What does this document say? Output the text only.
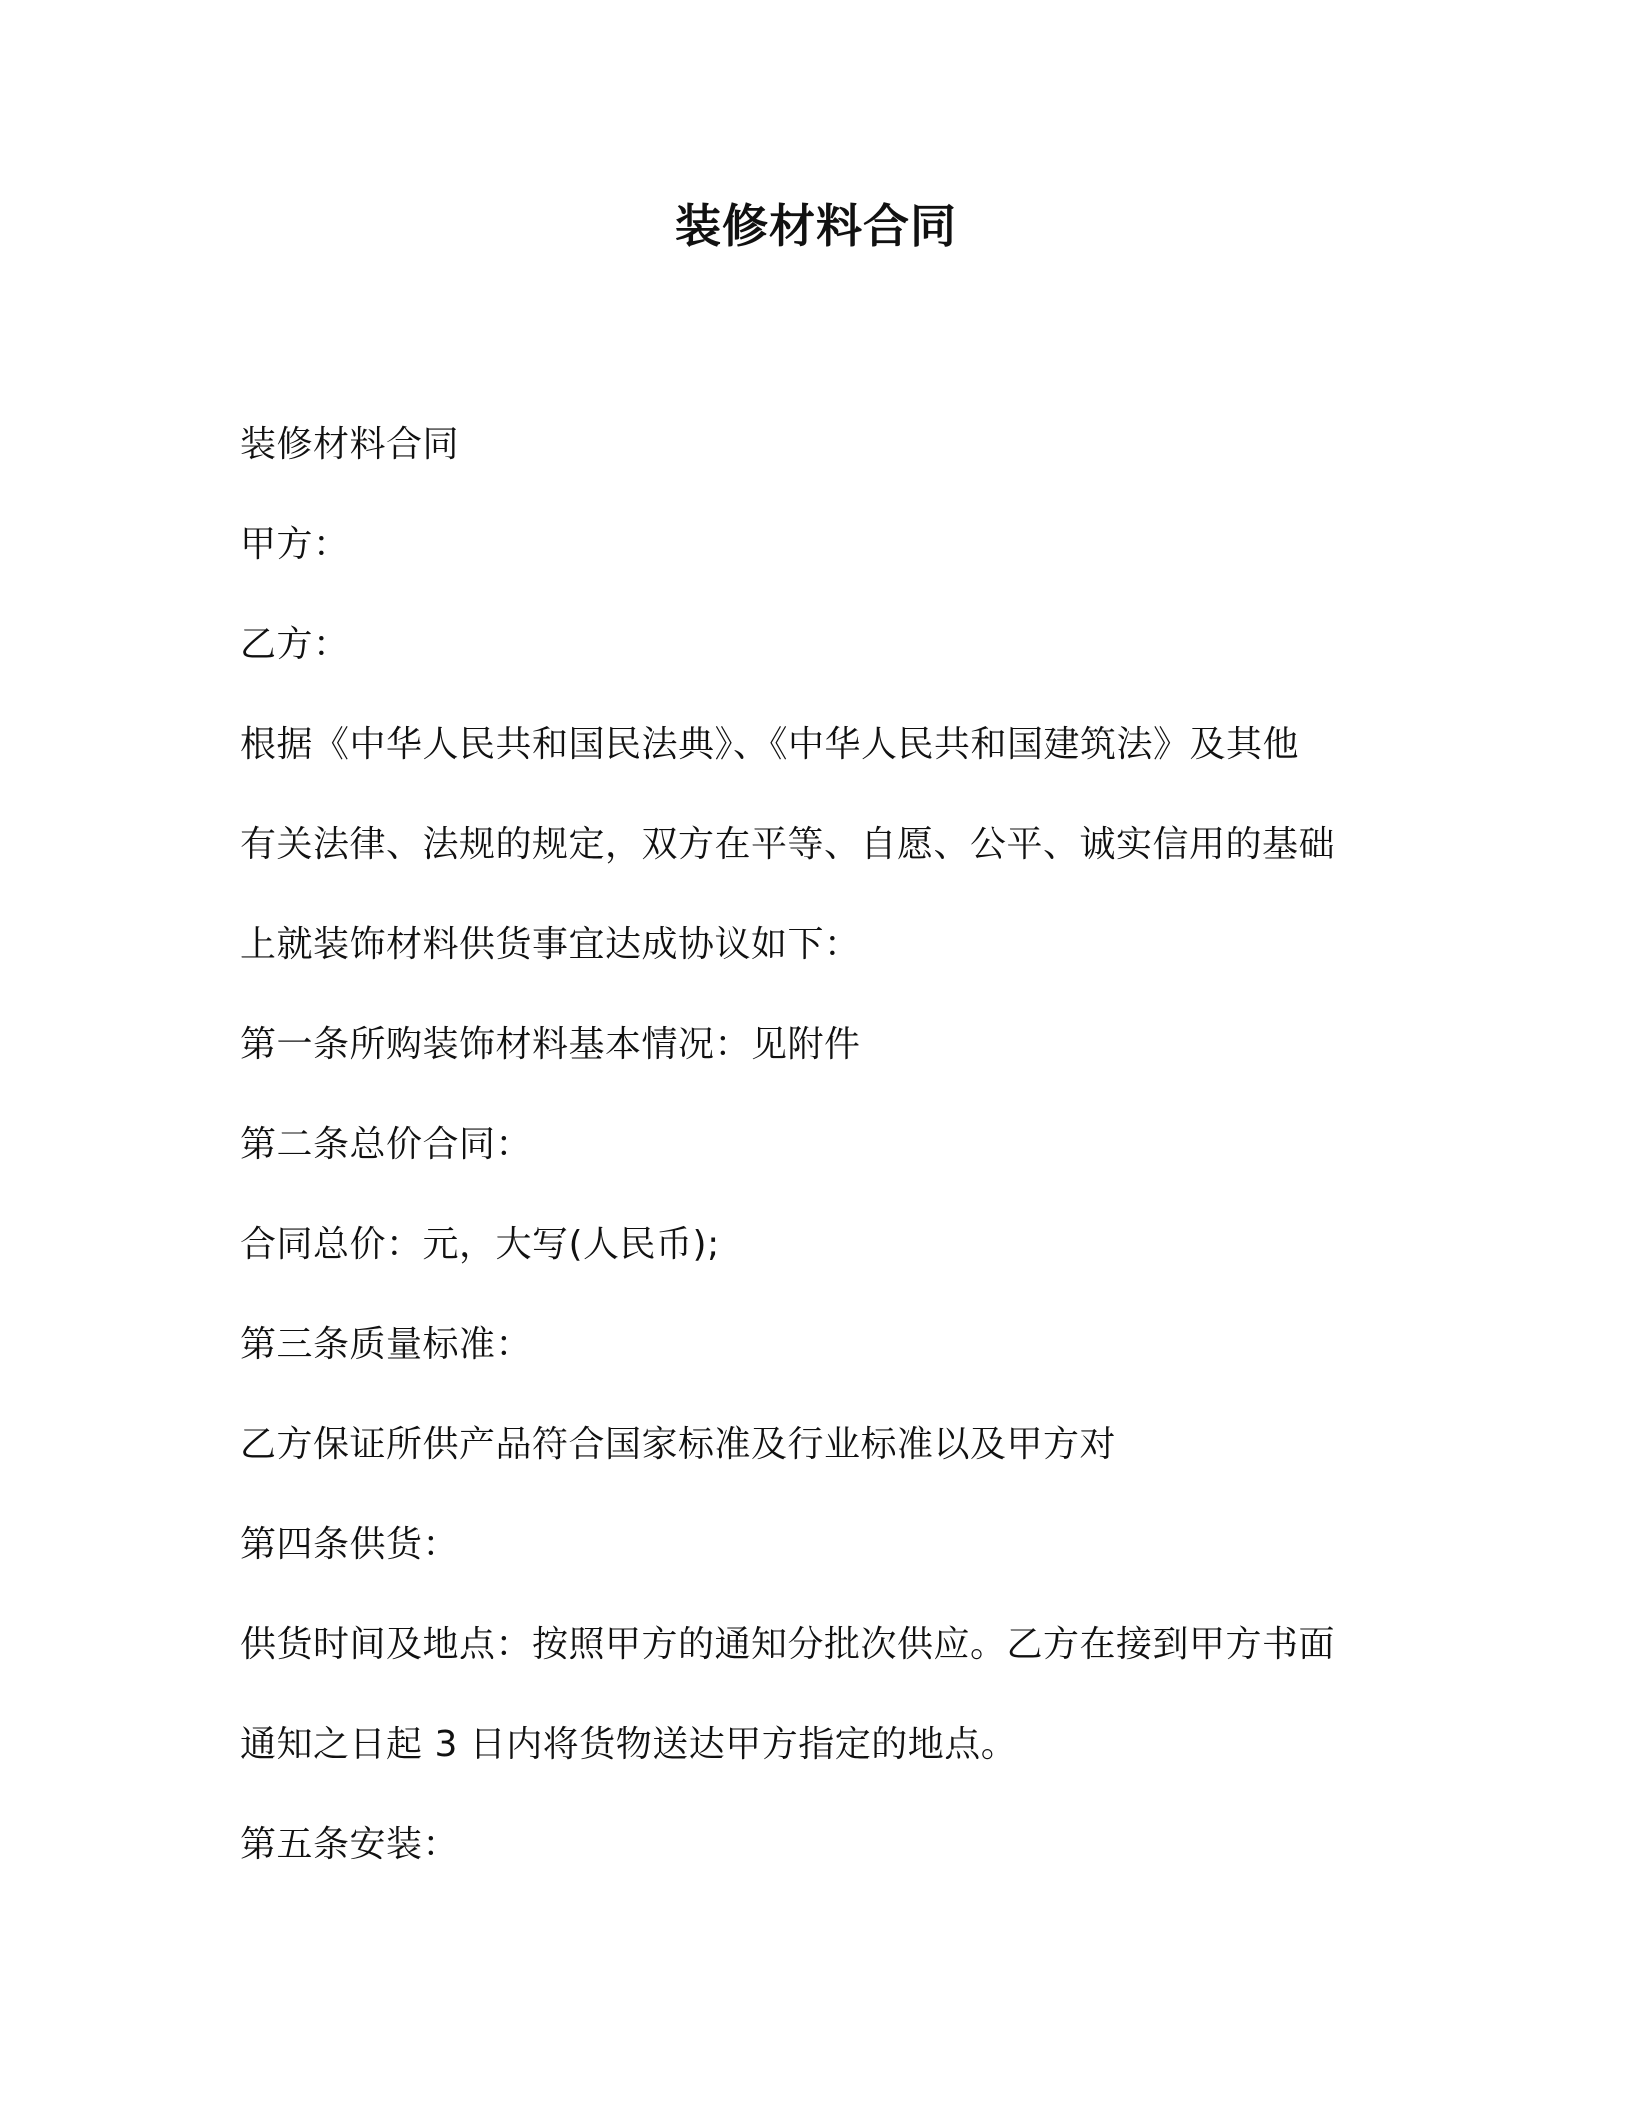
装修材料合同
装修材料合同
甲方：
乙方：
根据《中华人民共和国民法典》、《中华人民共和国建筑法》及其他
有关法律、法规的规定，双方在平等、自愿、公平、诚实信用的基础
上就装饰材料供货事宜达成协议如下：
第一条所购装饰材料基本情况：见附件
第二条总价合同：
合同总价：元，大写(人民币);
第三条质量标准：
乙方保证所供产品符合国家标准及行业标准以及甲方对
第四条供货：
供货时间及地点：按照甲方的通知分批次供应。乙方在接到甲方书面
通知之日起 3 日内将货物送达甲方指定的地点。
第五条安装：
